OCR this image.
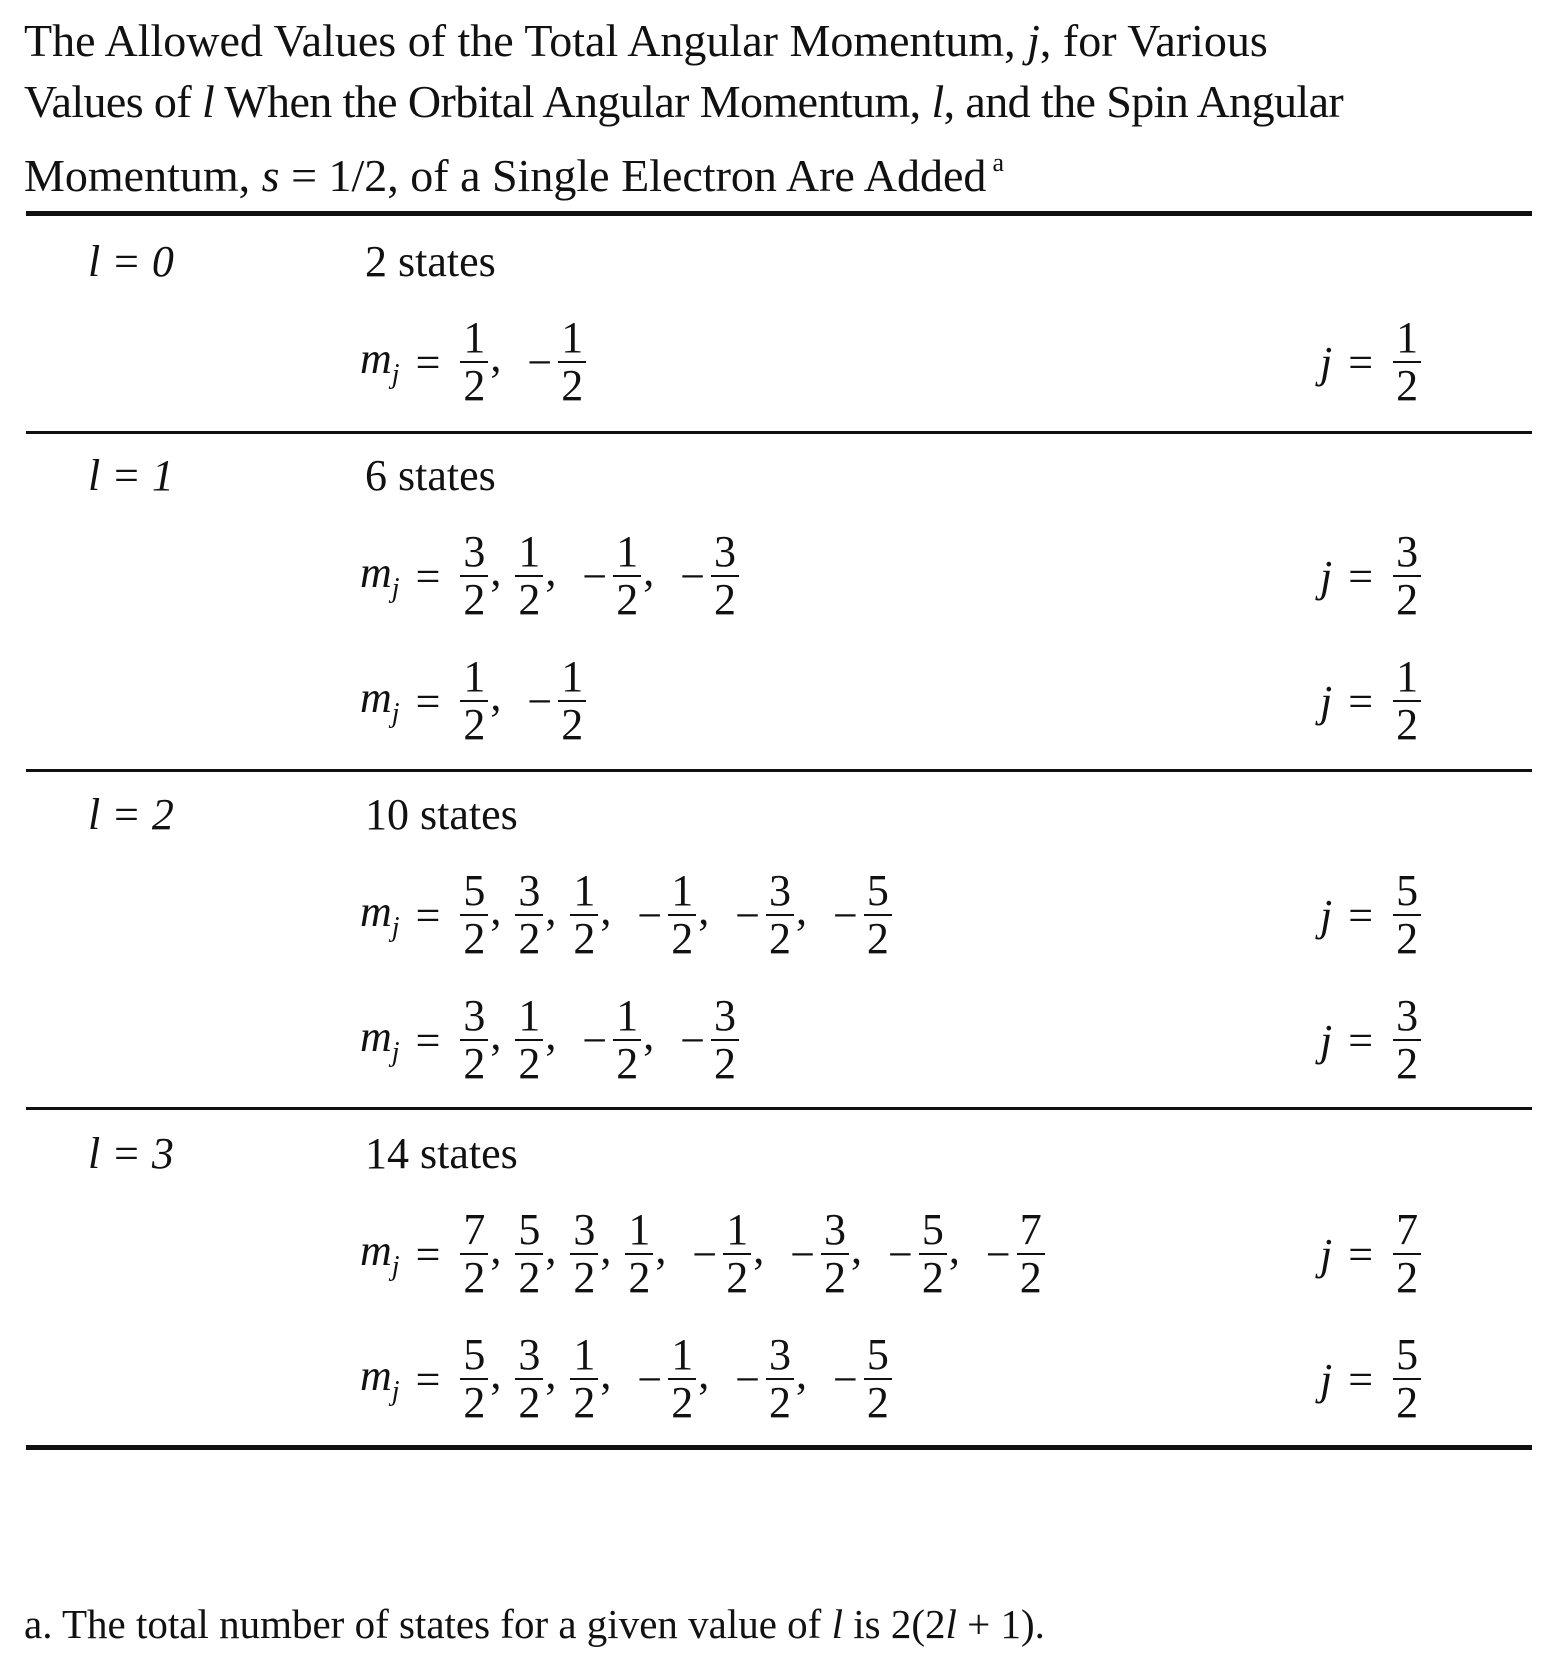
The Allowed Values of the Total Angular Momentum, j, for Various
Values of l When the Orbital Angular Momentum, l, and the Spin Angular
Momentum, s = 1/2, of a Single Electron Are Added $^a$
l = 0	2 states
$m_j = \frac{1}{2}$ , − $\frac{1}{2}$	$j = \frac{1}{2}$
l = 1	6 states
$m_j = \frac{3}{2}$ , $\frac{1}{2}$ , − $\frac{1}{2}$ , − $\frac{3}{2}$	$j = \frac{3}{2}$
$m_j = \frac{1}{2}$ , − $\frac{1}{2}$	$j = \frac{1}{2}$
l = 2	10 states
$m_j = \frac{5}{2}$ , $\frac{3}{2}$ , $\frac{1}{2}$ , − $\frac{1}{2}$ , − $\frac{3}{2}$ , − $\frac{5}{2}$	$j = \frac{5}{2}$
$m_j = \frac{3}{2}$ , $\frac{1}{2}$ , − $\frac{1}{2}$ , − $\frac{3}{2}$	$j = \frac{3}{2}$
l = 3	14 states
$m_j = \frac{7}{2}$ , $\frac{5}{2}$ , $\frac{3}{2}$ , $\frac{1}{2}$ , − $\frac{1}{2}$ , − $\frac{3}{2}$ , − $\frac{5}{2}$ , − $\frac{7}{2}$	$j = \frac{7}{2}$
$m_j = \frac{5}{2}$ , $\frac{3}{2}$ , $\frac{1}{2}$ , − $\frac{1}{2}$ , − $\frac{3}{2}$ , − $\frac{5}{2}$	$j = \frac{5}{2}$
a. The total number of states for a given value of l is 2(2l + 1).
